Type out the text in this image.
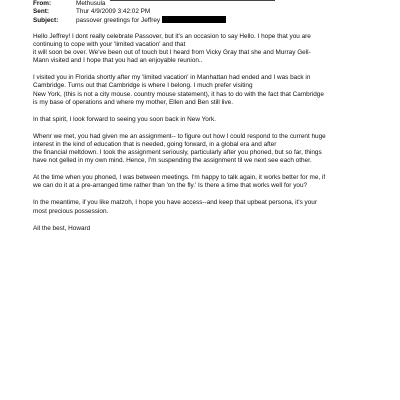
From:	Methusula
Sent:	Thur 4/9/2009 3:42:02 PM
Subject:	passover greetings for Jeffrey

Hello Jeffrey! I dont really celebrate Passover, but it's an occasion to say Hello. I hope that you are
continuing to cope with your 'limited vacation' and that
it will soon be over. We've been out of touch but I heard from Vicky Gray that she and Murray Gell-
Mann visited and I hope that you had an enjoyable reunion..

I visited you in Florida shortly after my 'limited vacation' in Manhattan had ended and I was back in
Cambridge. Turns out that Cambridge is where I belong. I much prefer visiting
New York, (this is not a city mouse. country mouse statement), it has to do with the fact that Cambridge
is my base of operations and where my mother, Ellen and Ben still live.

In that spirit, I look forward to seeing you soon back in New York.

Whenr we met, you had given me an assignment-- to figure out how I could respond to the current huge
interest in the kind of education that is needed, going forward, in a global era and after
the financial meltdown. I took the assignment seriously, particularly after you phoned, but so far, things
have not gelled in my own mind. Hence, I'm suspending the assignment til we next see each other.

At the time when you phoned, I was between meetings. I'm happy to talk again, it works better for me, if
we can do it at a pre-arranged time rather than 'on the fly.' Is there a time that works well for you?

In the meantime, if you like matzoh, I hope you have access--and keep that upbeat persona, it's your
most precious possession.

All the best, Howard
